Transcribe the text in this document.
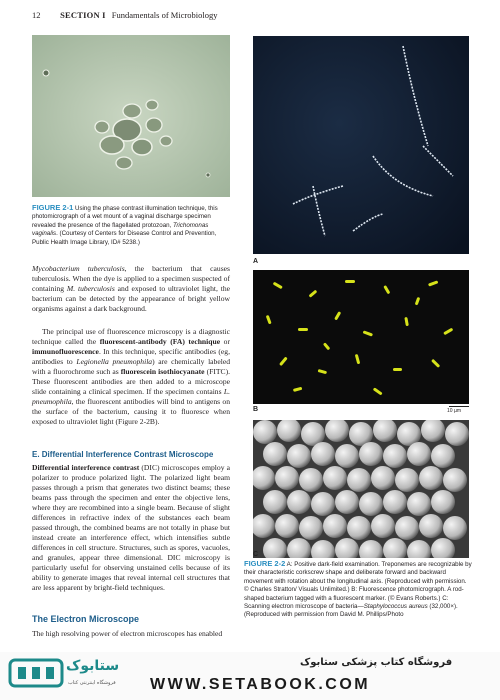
12 SECTION I Fundamentals of Microbiology
FIGURE 2-1 Using the phase contrast illumination technique, this photomicrograph of a wet mount of a vaginal discharge specimen revealed the presence of the flagellated protozoan, Trichomonas vaginalis. (Courtesy of Centers for Disease Control and Prevention, Public Health Image Library, ID# 5238.)
Mycobacterium tuberculosis, the bacterium that causes tuberculosis. When the dye is applied to a specimen suspected of containing M. tuberculosis and exposed to ultraviolet light, the bacterium can be detected by the appearance of bright yellow organisms against a dark background.
The principal use of fluorescence microscopy is a diagnostic technique called the fluorescent-antibody (FA) technique or immunofluorescence. In this technique, specific antibodies (eg, antibodies to Legionella pneumophila) are chemically labeled with a fluorochrome such as fluorescein isothiocyanate (FITC). These fluorescent antibodies are then added to a microscope slide containing a clinical specimen. If the specimen contains L. pneumophila, the fluorescent antibodies will bind to antigens on the surface of the bacterium, causing it to fluoresce when exposed to ultraviolet light (Figure 2-2B).
E. Differential Interference Contrast Microscope
Differential interference contrast (DIC) microscopes employ a polarizer to produce polarized light. The polarized light beam passes through a prism that generates two distinct beams; these beams pass through the specimen and enter the objective lens, where they are recombined into a single beam. Because of slight differences in refractive index of the substances each beam passed through, the combined beams are not totally in phase but instead create an interference effect, which intensifies subtle differences in cell structure. Structures, such as spores, vacuoles, and granules, appear three dimensional. DIC microscopy is particularly useful for observing unstained cells because of its ability to generate images that reveal internal cell structures that are less apparent by bright-field techniques.
The Electron Microscope
The high resolving power of electron microscopes has enabled
A
B	10 µm
C
FIGURE 2-2 A: Positive dark-field examination. Treponemes are recognizable by their characteristic corkscrew shape and deliberate forward and backward movement with rotation about the longitudinal axis. (Reproduced with permission. © Charles Stratton/ Visuals Unlimited.) B: Fluorescence photomicrograph. A rod-shaped bacterium tagged with a fluorescent marker. (© Evans Roberts.) C: Scanning electron microscope of bacteria—Staphylococcus aureus (32,000×). (Reproduced with permission from David M. Phillips/Photo
ستابوک
فروشگاه اینترنتی کتاب
فروشگاه کتاب پزشکی ستابوک
WWW.SETABOOK.COM
